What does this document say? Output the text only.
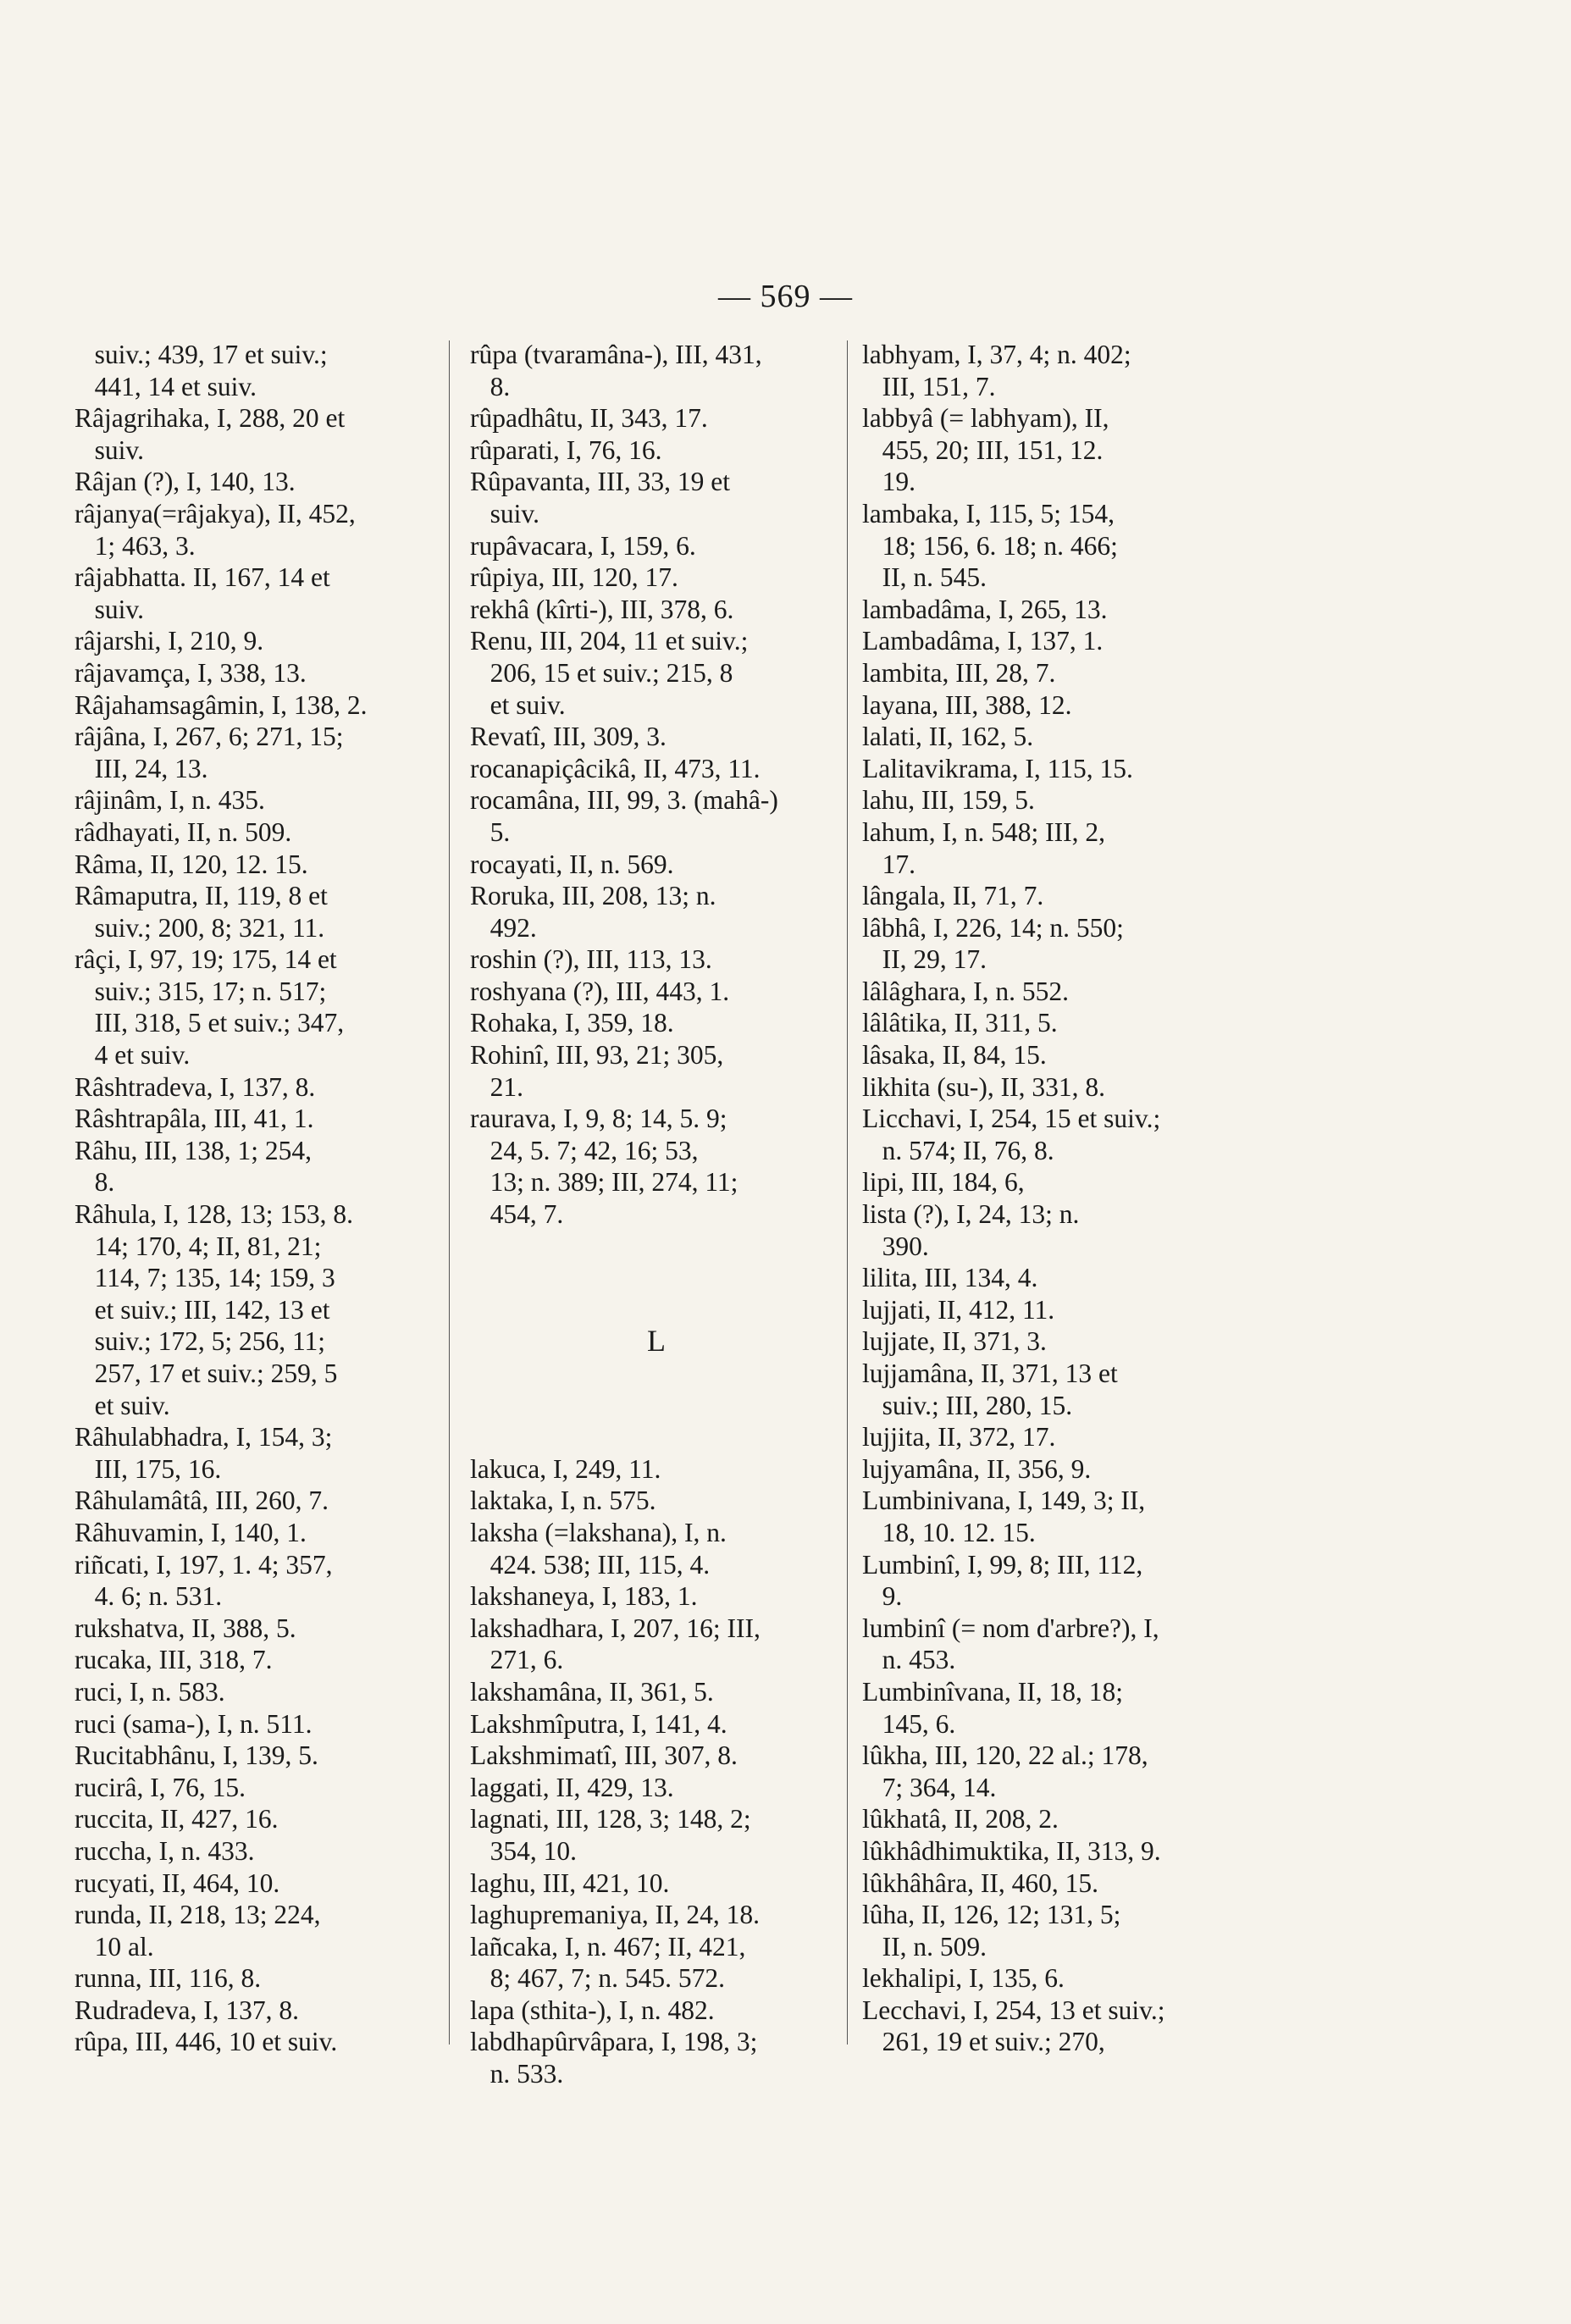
— 569 —
suiv.; 439, 17 et suiv.;
441, 14 et suiv.
Râjagrihaka, I, 288, 20 et
suiv.
Râjan (?), I, 140, 13.
râjanya(=râjakya), II, 452,
1; 463, 3.
râjabhatta. II, 167, 14 et
suiv.
râjarshi, I, 210, 9.
râjavamça, I, 338, 13.
Râjahamsagâmin, I, 138, 2.
râjâna, I, 267, 6; 271, 15;
III, 24, 13.
râjinâm, I, n. 435.
râdhayati, II, n. 509.
Râma, II, 120, 12. 15.
Râmaputra, II, 119, 8 et
suiv.; 200, 8; 321, 11.
râçi, I, 97, 19; 175, 14 et
suiv.; 315, 17; n. 517;
III, 318, 5 et suiv.; 347,
4 et suiv.
Râshtradeva, I, 137, 8.
Râshtrapâla, III, 41, 1.
Râhu, III, 138, 1; 254,
8.
Râhula, I, 128, 13; 153, 8.
14; 170, 4; II, 81, 21;
114, 7; 135, 14; 159, 3
et suiv.; III, 142, 13 et
suiv.; 172, 5; 256, 11;
257, 17 et suiv.; 259, 5
et suiv.
Râhulabhadra, I, 154, 3;
III, 175, 16.
Râhulamâtâ, III, 260, 7.
Râhuvamin, I, 140, 1.
riñcati, I, 197, 1. 4; 357,
4. 6; n. 531.
rukshatva, II, 388, 5.
rucaka, III, 318, 7.
ruci, I, n. 583.
ruci (sama-), I, n. 511.
Rucitabhânu, I, 139, 5.
rucirâ, I, 76, 15.
ruccita, II, 427, 16.
ruccha, I, n. 433.
rucyati, II, 464, 10.
runda, II, 218, 13; 224,
10 al.
runna, III, 116, 8.
Rudradeva, I, 137, 8.
rûpa, III, 446, 10 et suiv.
rûpa (tvaramâna-), III, 431,
8.
rûpadhâtu, II, 343, 17.
rûparati, I, 76, 16.
Rûpavanta, III, 33, 19 et
suiv.
rupâvacara, I, 159, 6.
rûpiya, III, 120, 17.
rekhâ (kîrti-), III, 378, 6.
Renu, III, 204, 11 et suiv.;
206, 15 et suiv.; 215, 8
et suiv.
Revatî, III, 309, 3.
rocanapiçâcikâ, II, 473, 11.
rocamâna, III, 99, 3. (mahâ-)
5.
rocayati, II, n. 569.
Roruka, III, 208, 13; n.
492.
roshin (?), III, 113, 13.
roshyana (?), III, 443, 1.
Rohaka, I, 359, 18.
Rohinî, III, 93, 21; 305,
21.
raurava, I, 9, 8; 14, 5. 9;
24, 5. 7; 42, 16; 53,
13; n. 389; III, 274, 11;
454, 7.
L
lakuca, I, 249, 11.
laktaka, I, n. 575.
laksha (=lakshana), I, n.
424. 538; III, 115, 4.
lakshaneya, I, 183, 1.
lakshadhara, I, 207, 16; III,
271, 6.
lakshamâna, II, 361, 5.
Lakshmîputra, I, 141, 4.
Lakshmimatî, III, 307, 8.
laggati, II, 429, 13.
lagnati, III, 128, 3; 148, 2;
354, 10.
laghu, III, 421, 10.
laghupremaniya, II, 24, 18.
lañcaka, I, n. 467; II, 421,
8; 467, 7; n. 545. 572.
lapa (sthita-), I, n. 482.
labdhapûrvâpara, I, 198, 3;
n. 533.
labhyam, I, 37, 4; n. 402;
III, 151, 7.
labbyâ (= labhyam), II,
455, 20; III, 151, 12.
19.
lambaka, I, 115, 5; 154,
18; 156, 6. 18; n. 466;
II, n. 545.
lambadâma, I, 265, 13.
Lambadâma, I, 137, 1.
lambita, III, 28, 7.
layana, III, 388, 12.
lalati, II, 162, 5.
Lalitavikrama, I, 115, 15.
lahu, III, 159, 5.
lahum, I, n. 548; III, 2,
17.
lângala, II, 71, 7.
lâbhâ, I, 226, 14; n. 550;
II, 29, 17.
lâlâghara, I, n. 552.
lâlâtika, II, 311, 5.
lâsaka, II, 84, 15.
likhita (su-), II, 331, 8.
Licchavi, I, 254, 15 et suiv.;
n. 574; II, 76, 8.
lipi, III, 184, 6,
lista (?), I, 24, 13; n.
390.
lilita, III, 134, 4.
lujjati, II, 412, 11.
lujjate, II, 371, 3.
lujjamâna, II, 371, 13 et
suiv.; III, 280, 15.
lujjita, II, 372, 17.
lujyamâna, II, 356, 9.
Lumbinivana, I, 149, 3; II,
18, 10. 12. 15.
Lumbinî, I, 99, 8; III, 112,
9.
lumbinî (= nom d'arbre?), I,
n. 453.
Lumbinîvana, II, 18, 18;
145, 6.
lûkha, III, 120, 22 al.; 178,
7; 364, 14.
lûkhatâ, II, 208, 2.
lûkhâdhimuktika, II, 313, 9.
lûkhâhâra, II, 460, 15.
lûha, II, 126, 12; 131, 5;
II, n. 509.
lekhalipi, I, 135, 6.
Lecchavi, I, 254, 13 et suiv.;
261, 19 et suiv.; 270,
